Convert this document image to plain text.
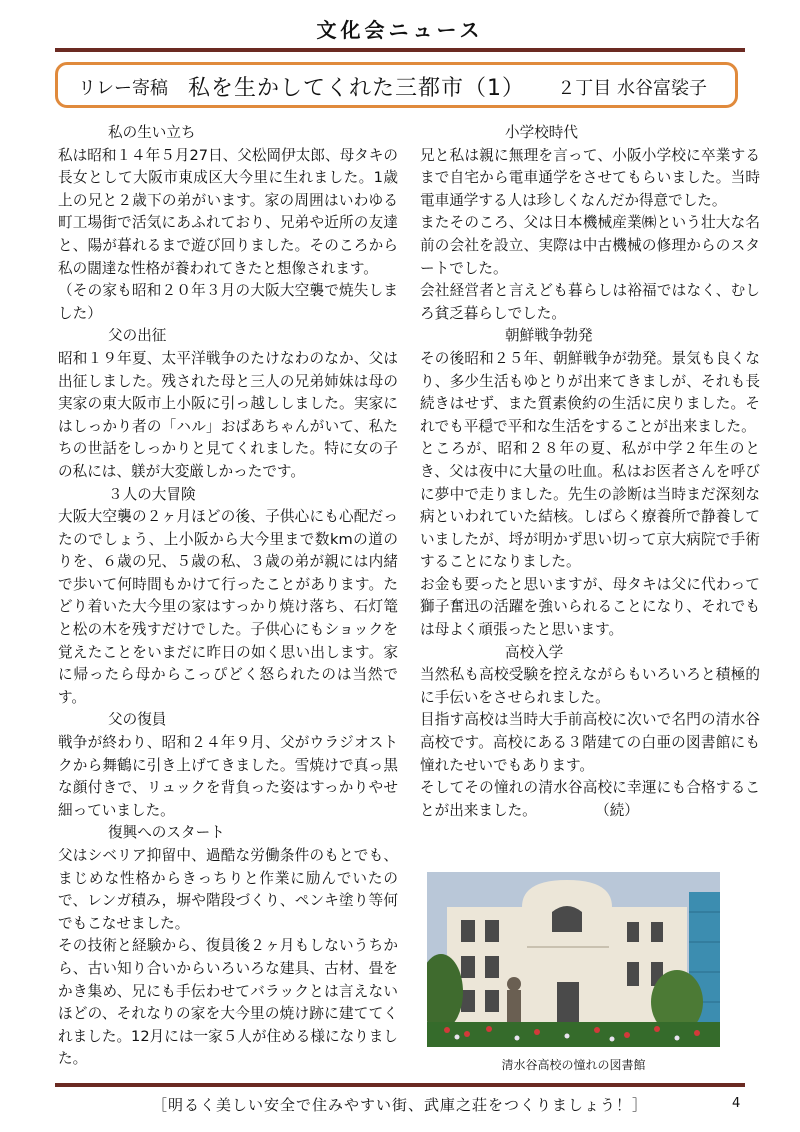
文化会ニュース
リレー寄稿 私を生かしてくれた三都市（1） ２丁目 水谷富裟子

私の生い立ち

私は昭和１４年５月27日、父松岡伊太郎、母タキの長女として大阪市東成区大今里に生れました。1歳上の兄と２歳下の弟がいます。家の周囲はいわゆる町工場街で活気にあふれており、兄弟や近所の友達と、陽が暮れるまで遊び回りました。そのころから私の闊達な性格が養われてきたと想像されます。

（その家も昭和２０年３月の大阪大空襲で焼失しました）

父の出征

昭和１９年夏、太平洋戦争のたけなわのなか、父は出征しました。残された母と三人の兄弟姉妹は母の実家の東大阪市上小阪に引っ越ししました。実家にはしっかり者の「ハル」おばあちゃんがいて、私たちの世話をしっかりと見てくれました。特に女の子の私には、躾が大変厳しかったです。

３人の大冒険

大阪大空襲の２ヶ月ほどの後、子供心にも心配だったのでしょう、上小阪から大今里まで数kmの道のりを、６歳の兄、５歳の私、３歳の弟が親には内緒で歩いて何時間もかけて行ったことがあります。たどり着いた大今里の家はすっかり焼け落ち、石灯篭と松の木を残すだけでした。子供心にもショックを覚えたことをいまだに昨日の如く思い出します。家に帰ったら母からこっぴどく怒られたのは当然です。

父の復員

戦争が終わり、昭和２４年９月、父がウラジオストクから舞鶴に引き上げてきました。雪焼けで真っ黒な顔付きで、リュックを背負った姿はすっかりやせ細っていました。

復興へのスタート

父はシベリア抑留中、過酷な労働条件のもとでも、まじめな性格からきっちりと作業に励んでいたので、レンガ積み，塀や階段づくり、ペンキ塗り等何でもこなせました。

その技術と経験から、復員後２ヶ月もしないうちから、古い知り合いからいろいろな建具、古材、畳をかき集め、兄にも手伝わせてバラックとは言えないほどの、それなりの家を大今里の焼け跡に建ててくれました。12月には一家５人が住める様になりました。

小学校時代

兄と私は親に無理を言って、小阪小学校に卒業するまで自宅から電車通学をさせてもらいました。当時電車通学する人は珍しくなんだか得意でした。

またそのころ、父は日本機械産業㈱という壮大な名前の会社を設立、実際は中古機械の修理からのスタートでした。

会社経営者と言えども暮らしは裕福ではなく、むしろ貧乏暮らしでした。

朝鮮戦争勃発

その後昭和２５年、朝鮮戦争が勃発。景気も良くなり、多少生活もゆとりが出来てきましが、それも長続きはせず、また質素倹約の生活に戻りました。それでも平穏で平和な生活をすることが出来ました。

ところが、昭和２８年の夏、私が中学２年生のとき、父は夜中に大量の吐血。私はお医者さんを呼びに夢中で走りました。先生の診断は当時まだ深刻な病といわれていた結核。しばらく療養所で静養していましたが、埒が明かず思い切って京大病院で手術することになりました。

お金も要ったと思いますが、母タキは父に代わって獅子奮迅の活躍を強いられることになり、それでもは母よく頑張ったと思います。

高校入学

当然私も高校受験を控えながらもいろいろと積極的に手伝いをさせられました。

目指す高校は当時大手前高校に次いで名門の清水谷高校です。高校にある３階建ての白亜の図書館にも憧れたせいでもあります。

そしてその憧れの清水谷高校に幸運にも合格することが出来ました。　　　　　（続）

清水谷高校の憧れの図書館
［明るく美しい安全で住みやすい街、武庫之荘をつくりましょう！］	4
